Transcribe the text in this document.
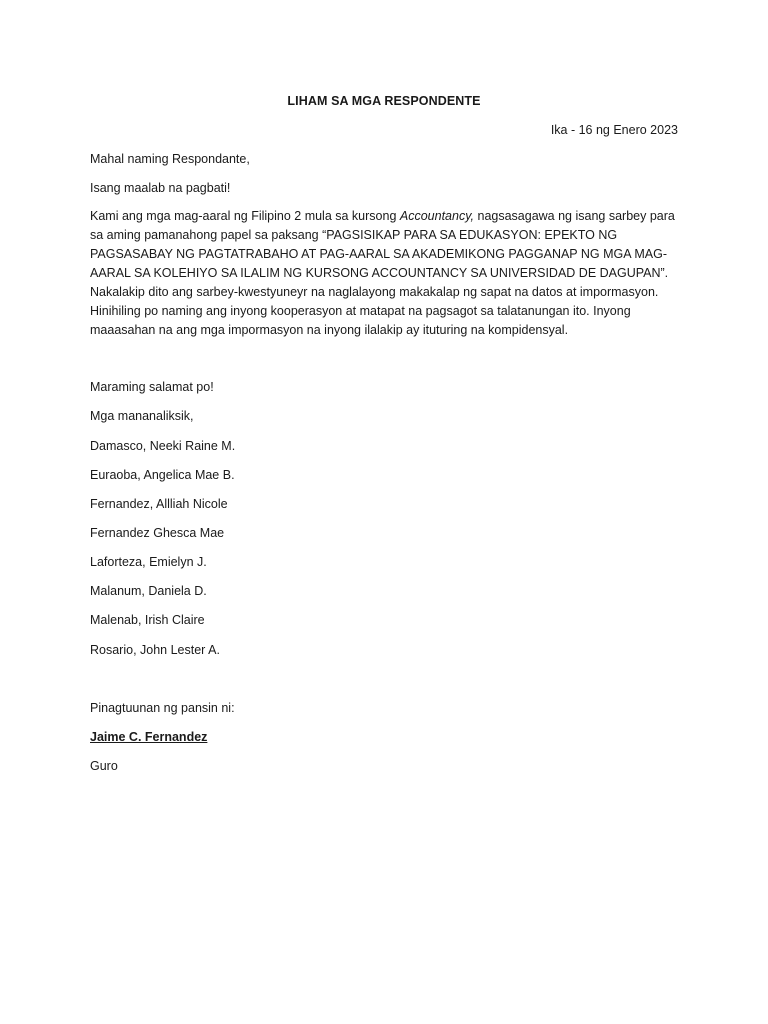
LIHAM SA MGA RESPONDENTE
Ika - 16 ng Enero 2023
Mahal naming Respondante,
Isang maalab na pagbati!
Kami ang mga mag-aaral ng Filipino 2 mula sa kursong Accountancy, nagsasagawa ng isang sarbey para sa aming pamanahong papel sa paksang “PAGSISIKAP PARA SA EDUKASYON: EPEKTO NG PAGSASABAY NG PAGTATRABAHO AT PAG-AARAL SA AKADEMIKONG PAGGANAP NG MGA MAG-AARAL SA KOLEHIYO SA ILALIM NG KURSONG ACCOUNTANCY SA UNIVERSIDAD DE DAGUPAN”. Nakalakip dito ang sarbey-kwestyuneyr na naglalayong makakalap ng sapat na datos at impormasyon. Hinihiling po naming ang inyong kooperasyon at matapat na pagsagot sa talatanungan ito. Inyong maaasahan na ang mga impormasyon na inyong ilalakip ay ituturing na kompidensyal.
Maraming salamat po!
Mga mananaliksik,
Damasco, Neeki Raine M.
Euraoba, Angelica Mae B.
Fernandez, Allliah Nicole
Fernandez Ghesca Mae
Laforteza, Emielyn J.
Malanum, Daniela D.
Malenab, Irish Claire
Rosario, John Lester A.
Pinagtuunan ng pansin ni:
Jaime C. Fernandez
Guro
